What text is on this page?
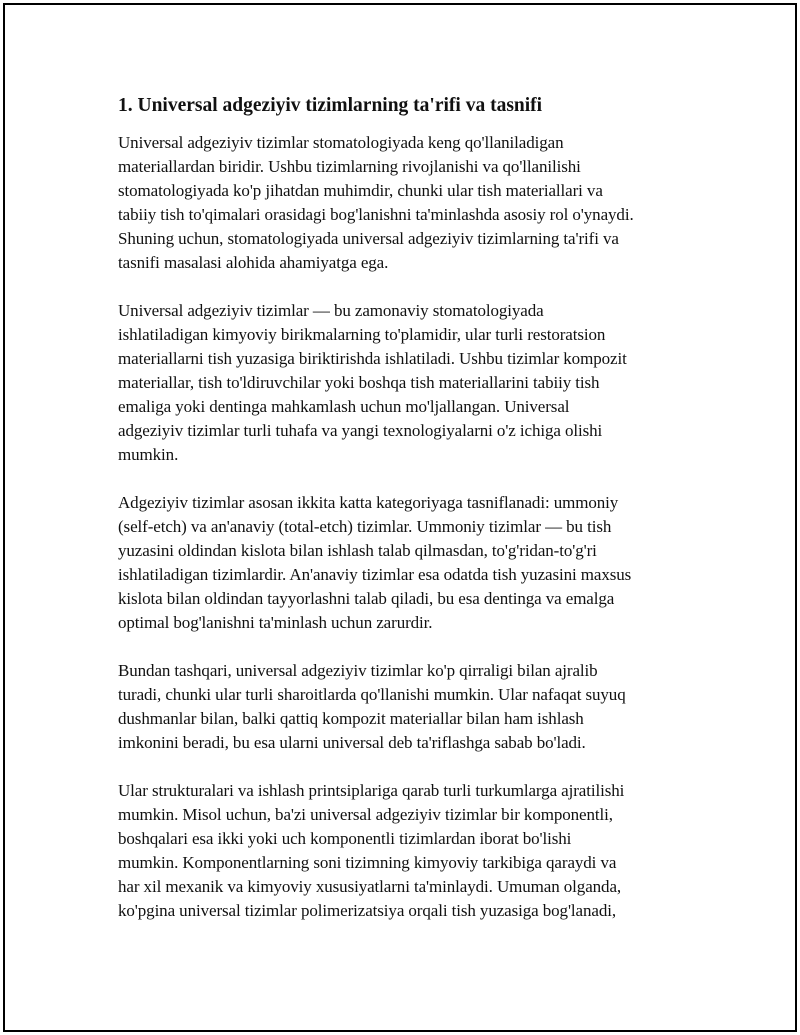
1. Universal adgeziyiv tizimlarning ta'rifi va tasnifi

Universal adgeziyiv tizimlar stomatologiyada keng qo'llaniladigan
materiallardan biridir. Ushbu tizimlarning rivojlanishi va qo'llanilishi
stomatologiyada ko'p jihatdan muhimdir, chunki ular tish materiallari va
tabiiy tish to'qimalari orasidagi bog'lanishni ta'minlashda asosiy rol o'ynaydi.
Shuning uchun, stomatologiyada universal adgeziyiv tizimlarning ta'rifi va
tasnifi masalasi alohida ahamiyatga ega.

Universal adgeziyiv tizimlar — bu zamonaviy stomatologiyada
ishlatiladigan kimyoviy birikmalarning to'plamidir, ular turli restoratsion
materiallarni tish yuzasiga biriktirishda ishlatiladi. Ushbu tizimlar kompozit
materiallar, tish to'ldiruvchilar yoki boshqa tish materiallarini tabiiy tish
emaliga yoki dentinga mahkamlash uchun mo'ljallangan. Universal
adgeziyiv tizimlar turli tuhafa va yangi texnologiyalarni o'z ichiga olishi
mumkin.

Adgeziyiv tizimlar asosan ikkita katta kategoriyaga tasniflanadi: ummoniy
(self-etch) va an'anaviy (total-etch) tizimlar. Ummoniy tizimlar — bu tish
yuzasini oldindan kislota bilan ishlash talab qilmasdan, to'g'ridan-to'g'ri
ishlatiladigan tizimlardir. An'anaviy tizimlar esa odatda tish yuzasini maxsus
kislota bilan oldindan tayyorlashni talab qiladi, bu esa dentinga va emalga
optimal bog'lanishni ta'minlash uchun zarurdir.

Bundan tashqari, universal adgeziyiv tizimlar ko'p qirraligi bilan ajralib
turadi, chunki ular turli sharoitlarda qo'llanishi mumkin. Ular nafaqat suyuq
dushmanlar bilan, balki qattiq kompozit materiallar bilan ham ishlash
imkonini beradi, bu esa ularni universal deb ta'riflashga sabab bo'ladi.

Ular strukturalari va ishlash printsiplariga qarab turli turkumlarga ajratilishi
mumkin. Misol uchun, ba'zi universal adgeziyiv tizimlar bir komponentli,
boshqalari esa ikki yoki uch komponentli tizimlardan iborat bo'lishi
mumkin. Komponentlarning soni tizimning kimyoviy tarkibiga qaraydi va
har xil mexanik va kimyoviy xususiyatlarni ta'minlaydi. Umuman olganda,
ko'pgina universal tizimlar polimerizatsiya orqali tish yuzasiga bog'lanadi,
